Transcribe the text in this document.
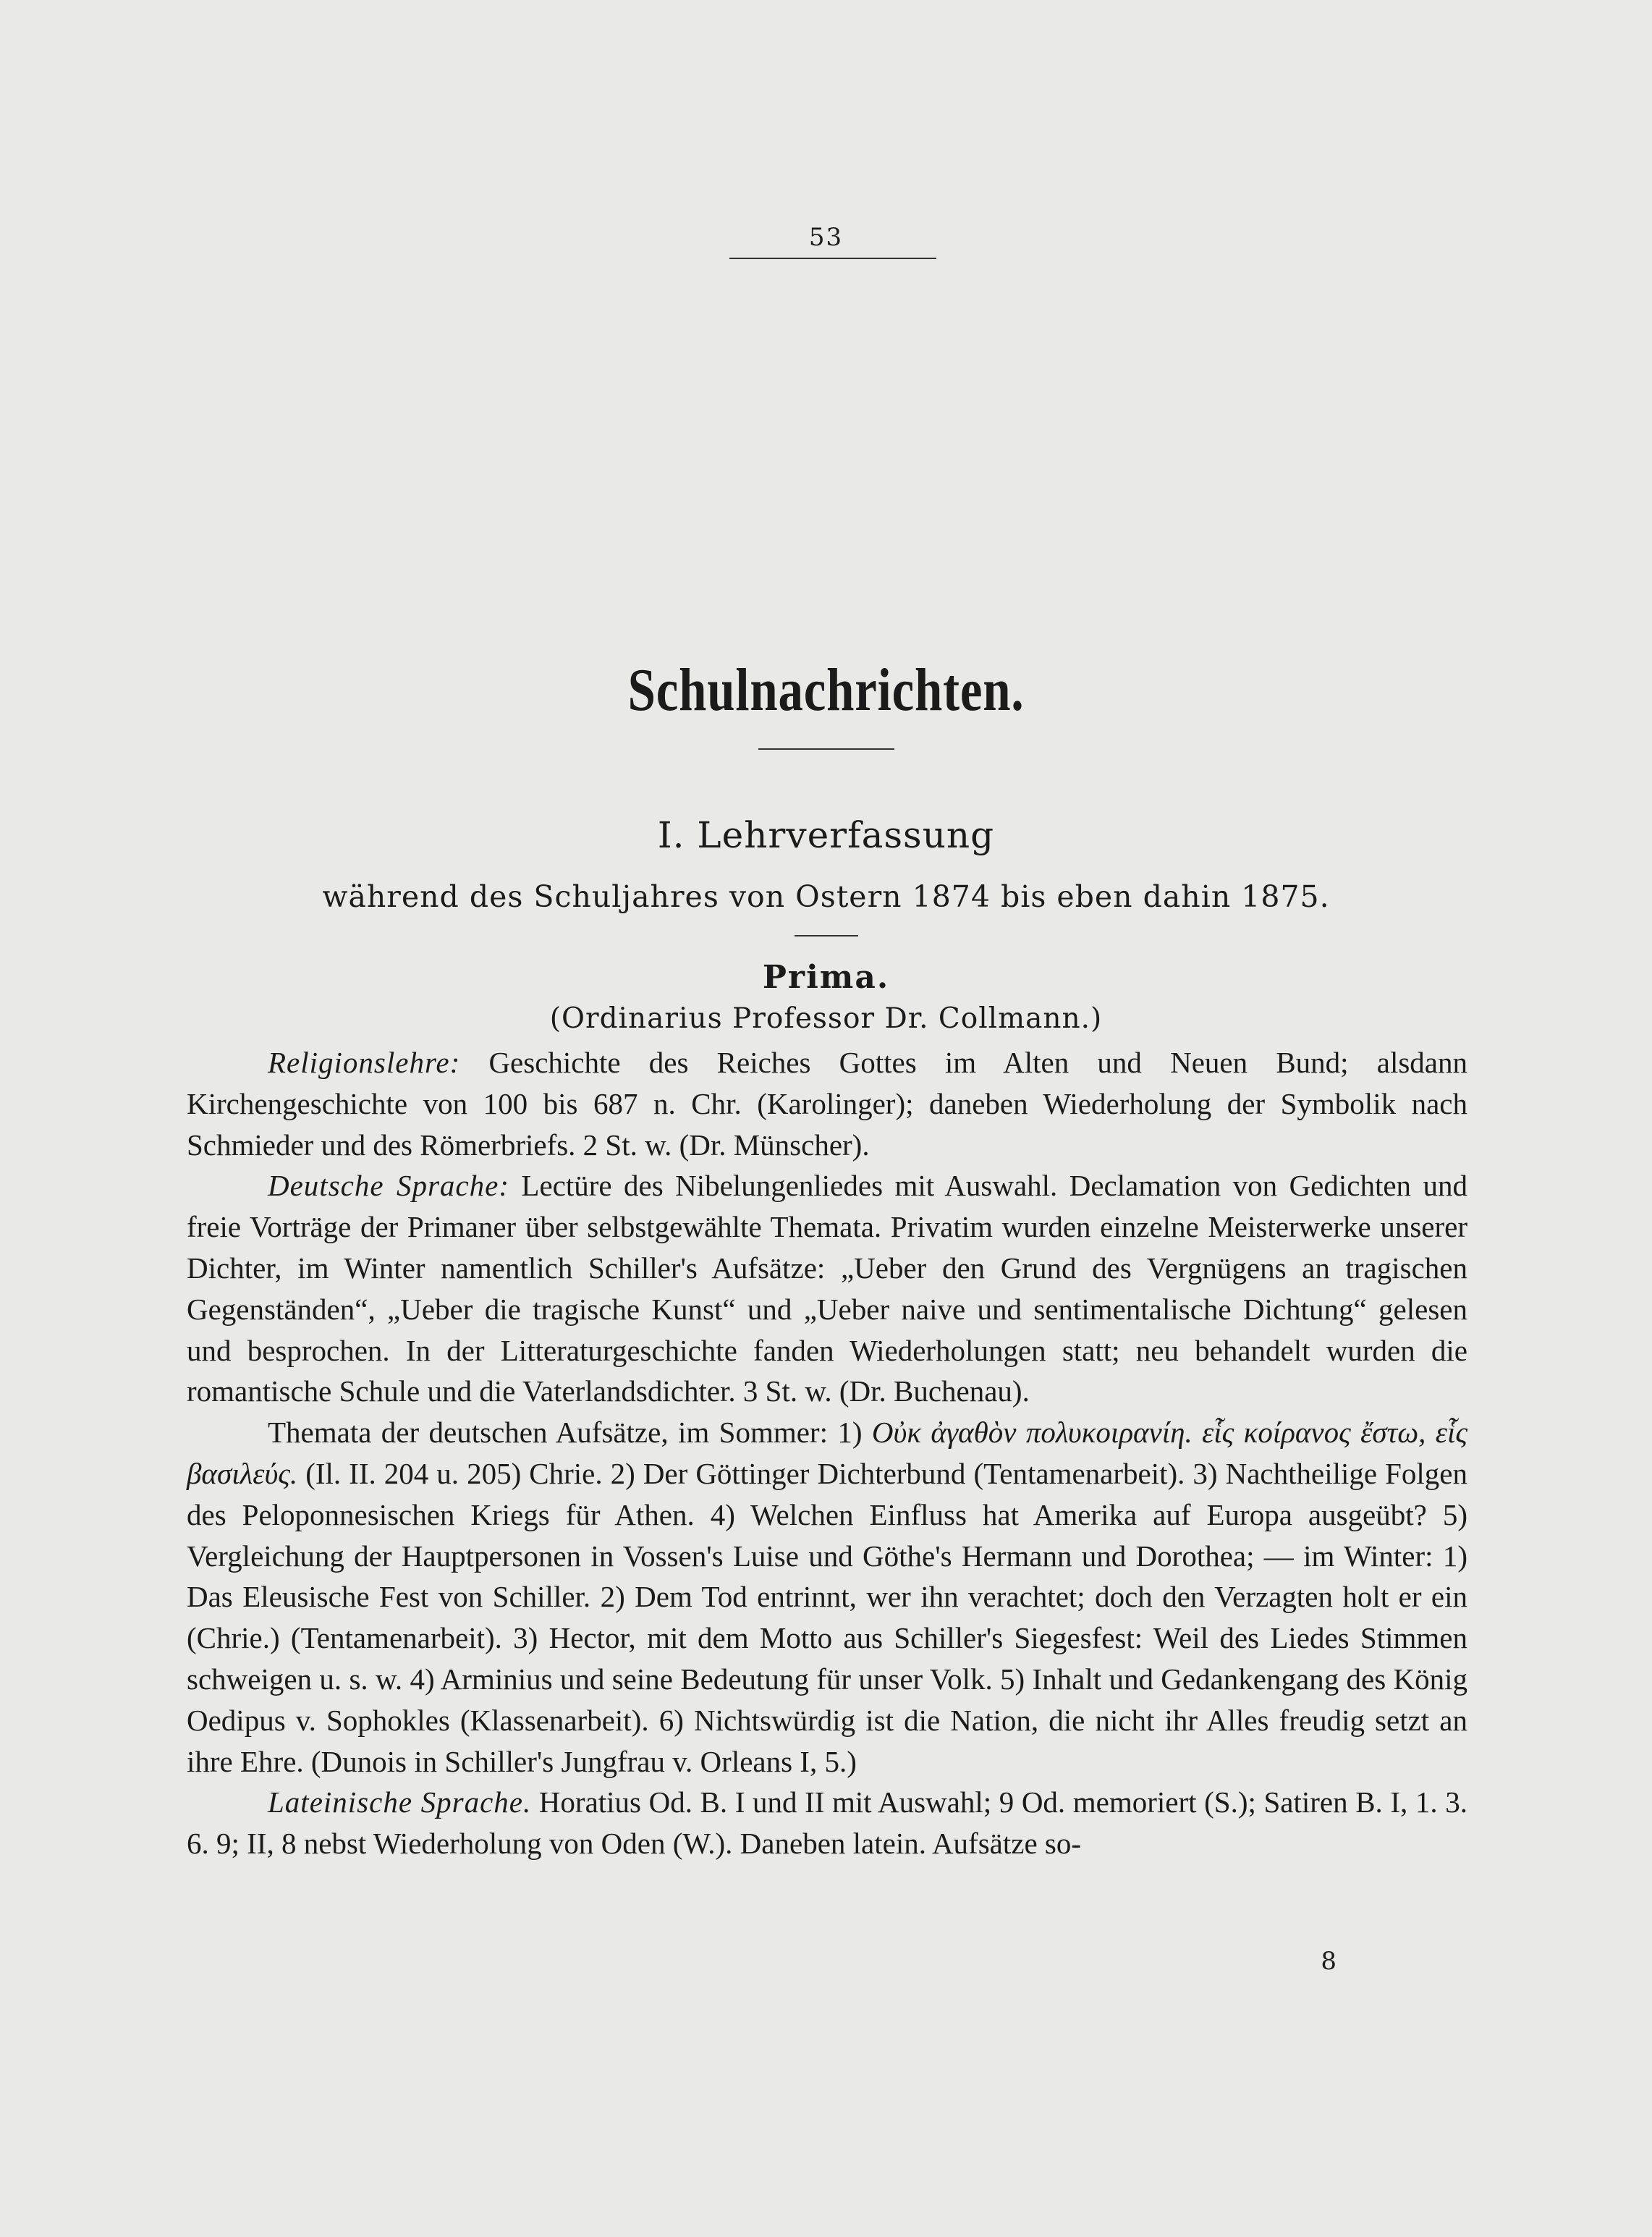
53
Schulnachrichten.
I. Lehrverfassung
während des Schuljahres von Ostern 1874 bis eben dahin 1875.
Prima.
(Ordinarius Professor Dr. Collmann.)

Religionslehre: Geschichte des Reiches Gottes im Alten und Neuen Bund; alsdann Kirchengeschichte von 100 bis 687 n. Chr. (Karolinger); daneben Wiederholung der Symbolik nach Schmieder und des Römerbriefs. 2 St. w. (Dr. Münscher).

Deutsche Sprache: Lectüre des Nibelungenliedes mit Auswahl. Declamation von Gedichten und freie Vorträge der Primaner über selbstgewählte Themata. Privatim wurden einzelne Meisterwerke unserer Dichter, im Winter namentlich Schiller's Aufsätze: „Ueber den Grund des Vergnügens an tragischen Gegenständen“, „Ueber die tragische Kunst“ und „Ueber naive und sentimentalische Dichtung“ gelesen und besprochen. In der Litteraturgeschichte fanden Wiederholungen statt; neu behandelt wurden die romantische Schule und die Vaterlandsdichter. 3 St. w. (Dr. Buchenau).

Themata der deutschen Aufsätze, im Sommer: 1) Οὐκ ἀγαθὸν πολυκοιρανίη. εἷς κοίρανος ἔστω, εἷς βασιλεύς. (Il. II. 204 u. 205) Chrie. 2) Der Göttinger Dichterbund (Tentamenarbeit). 3) Nachtheilige Folgen des Peloponnesischen Kriegs für Athen. 4) Welchen Einfluss hat Amerika auf Europa ausgeübt? 5) Vergleichung der Hauptpersonen in Vossen's Luise und Göthe's Hermann und Dorothea; — im Winter: 1) Das Eleusische Fest von Schiller. 2) Dem Tod entrinnt, wer ihn verachtet; doch den Verzagten holt er ein (Chrie.) (Tentamenarbeit). 3) Hector, mit dem Motto aus Schiller's Siegesfest: Weil des Liedes Stimmen schweigen u. s. w. 4) Arminius und seine Bedeutung für unser Volk. 5) Inhalt und Gedankengang des König Oedipus v. Sophokles (Klassenarbeit). 6) Nichtswürdig ist die Nation, die nicht ihr Alles freudig setzt an ihre Ehre. (Dunois in Schiller's Jungfrau v. Orleans I, 5.)

Lateinische Sprache. Horatius Od. B. I und II mit Auswahl; 9 Od. memoriert (S.); Satiren B. I, 1. 3. 6. 9; II, 8 nebst Wiederholung von Oden (W.). Daneben latein. Aufsätze so-

8
